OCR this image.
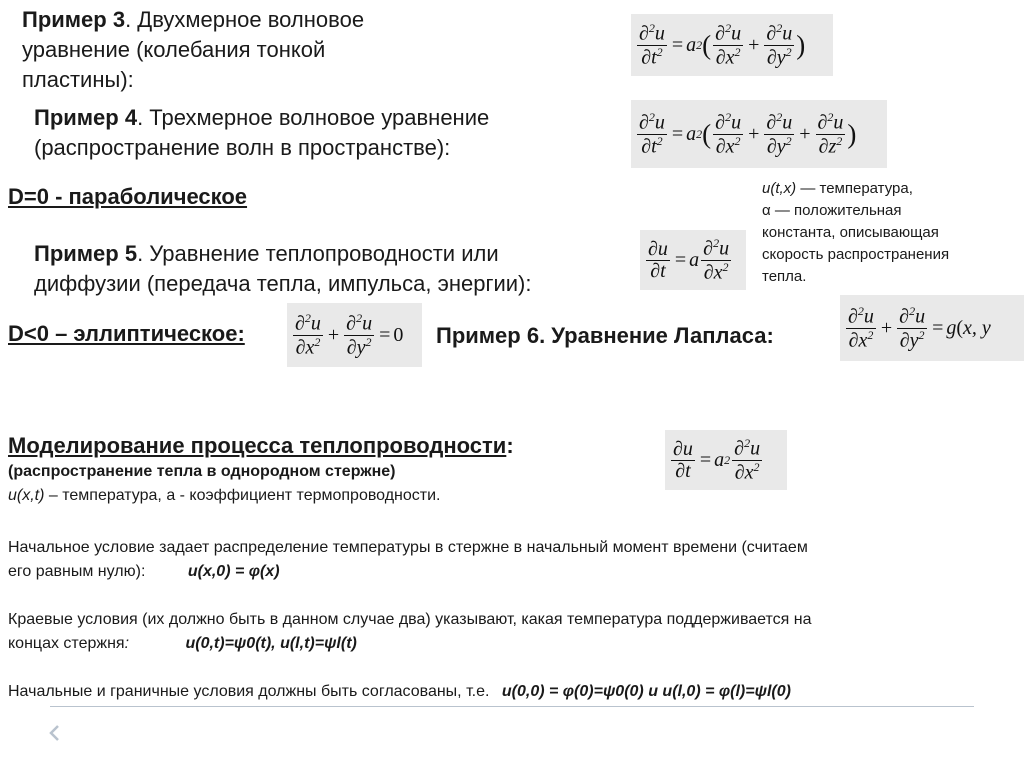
Пример 3. Двухмерное волновое
уравнение (колебания тонкой
пластины):
$\frac{\partial^2u}{\partial t^2} = a$ 2 ( $\frac{\partial^2u}{\partial x^2} + \frac{\partial^2u}{\partial y^2}$ )
Пример 4. Трехмерное волновое уравнение
(распространение волн в пространстве):	$\frac{\partial^2u}{\partial t^2} = a$ 2 ( $\frac{\partial^2u}{\partial x^2} + \frac{\partial^2u}{\partial y^2} + \frac{\partial^2u}{\partial z^2}$ )
D=0 - параболическое	u(t,x) — температура,
α — положительная
константа, описывающая
скорость распространения
тепла.
Пример 5. Уравнение теплопроводности или
диффузии (передача тепла, импульса, энергии):
$\frac{\partial u}{\partial t} = a \frac{\partial^2u}{\partial x^2}$
D<0 – эллиптическое: $\frac{\partial^2u}{\partial x^2} + \frac{\partial^2u}{\partial y^2} = 0$ Пример 6. Уравнение Лапласа:	$\frac{\partial^2u}{\partial x^2} + \frac{\partial^2u}{\partial y^2} = g$ ( x, y
Моделирование процесса теплопроводности:
(распространение тепла в однородном стержне)
u(x,t) – температура, a - коэффициент термопроводности.
$\frac{\partial u}{\partial t} = a$ $2 \frac{\partial^2u}{\partial x^2}$
Начальное условие задает распределение температуры в стержне в начальный момент времени (считаем
его равным нулю):	u(x,0) = φ(x)
Краевые условия (их должно быть в данном случае два) указывают, какая температура поддерживается на
концах стержня:	u(0,t)=ψ0(t), u(l,t)=ψl(t)
Начальные и граничные условия должны быть согласованы, т.е. u(0,0) = φ(0)=ψ0(0) и u(l,0) = φ(l)=ψl(0)
